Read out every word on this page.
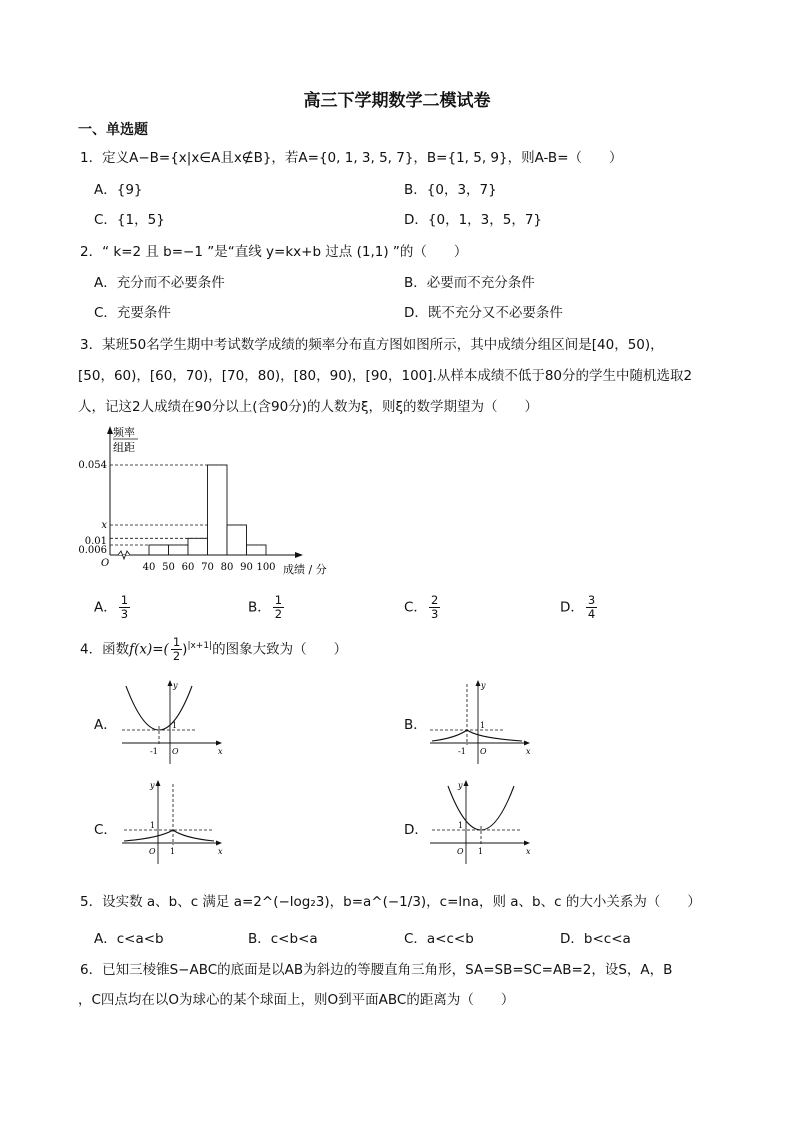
高三下学期数学二模试卷
一、单选题
1．定义A−B={x|x∈A且x∉B}，若A={0, 1, 3, 5, 7}，B={1, 5, 9}，则A-B=（　　）
A．{9}	B．{0，3，7}
C．{1，5}	D．{0，1，3，5，7}
2．“ k=2 且 b=−1 ”是“直线 y=kx+b 过点 (1,1) ”的（　　）
A．充分而不必要条件	B．必要而不充分条件
C．充要条件	D．既不充分又不必要条件
3．某班50名学生期中考试数学成绩的频率分布直方图如图所示，其中成绩分组区间是[40，50)，
[50，60)，[60，70)，[70，80)，[80，90)，[90，100].从样本成绩不低于80分的学生中随机选取2
人，记这2人成绩在90分以上(含90分)的人数为ξ，则ξ的数学期望为（　　）
频率
组距
O
0.054
x
0.01
0.006
40 50 60 70 80 90 100 成绩 / 分
A． $\frac{1}{3}$	B． $\frac{1}{2}$	C． $\frac{2}{3}$	D． $\frac{3}{4}$
4．函数$f(x)=( \frac{1}{2} )^{|x+1|}$的图象大致为（　　）
A．	B．
C．	D．
y
x
1
-1 O
y
x
1
-1 O
y
x
1
1
O
y
x
1
1
O
5．设实数 a、b、c 满足 a=2^(−log₂3)，b=a^(−1/3)，c=lna，则 a、b、c 的大小关系为（　　）
A．c<a<b	B．c<b<a	C．a<c<b	D．b<c<a
6．已知三棱锥S−ABC的底面是以AB为斜边的等腰直角三角形，SA=SB=SC=AB=2，设S，A，B
，C四点均在以O为球心的某个球面上，则O到平面ABC的距离为（　　）
